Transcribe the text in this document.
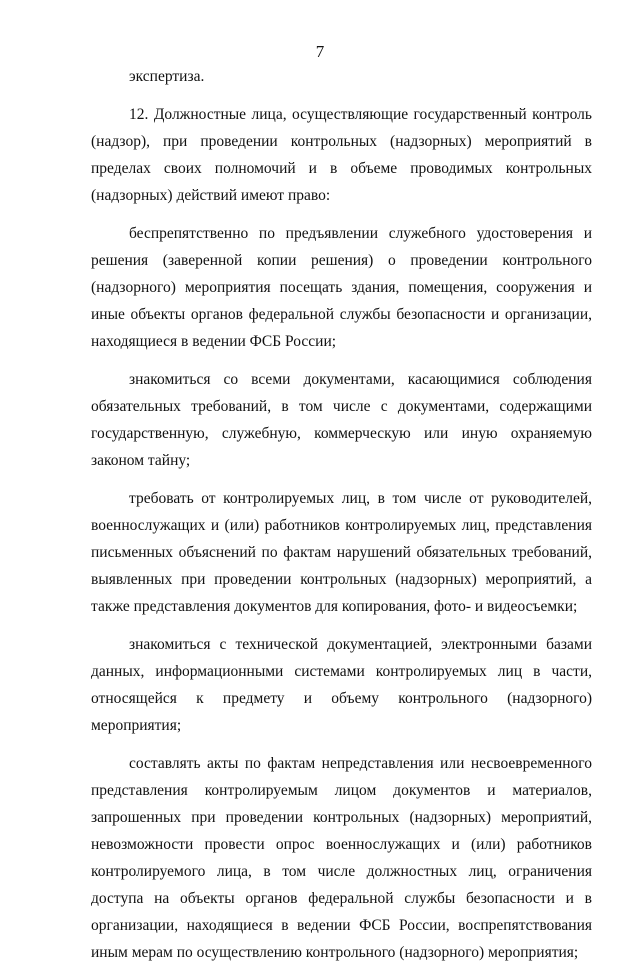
7

экспертиза.

12. Должностные лица, осуществляющие государственный контроль (надзор), при проведении контрольных (надзорных) мероприятий в пределах своих полномочий и в объеме проводимых контрольных (надзорных) действий имеют право:

беспрепятственно по предъявлении служебного удостоверения и решения (заверенной копии решения) о проведении контрольного (надзорного) мероприятия посещать здания, помещения, сооружения и иные объекты органов федеральной службы безопасности и организации, находящиеся в ведении ФСБ России;

знакомиться со всеми документами, касающимися соблюдения обязательных требований, в том числе с документами, содержащими государственную, служебную, коммерческую или иную охраняемую законом тайну;

требовать от контролируемых лиц, в том числе от руководителей, военнослужащих и (или) работников контролируемых лиц, представления письменных объяснений по фактам нарушений обязательных требований, выявленных при проведении контрольных (надзорных) мероприятий, а также представления документов для копирования, фото- и видеосъемки;

знакомиться с технической документацией, электронными базами данных, информационными системами контролируемых лиц в части, относящейся к предмету и объему контрольного (надзорного) мероприятия;

составлять акты по фактам непредставления или несвоевременного представления контролируемым лицом документов и материалов, запрошенных при проведении контрольных (надзорных) мероприятий, невозможности провести опрос военнослужащих и (или) работников контролируемого лица, в том числе должностных лиц, ограничения доступа на объекты органов федеральной службы безопасности и в организации, находящиеся в ведении ФСБ России, воспрепятствования иным мерам по осуществлению контрольного (надзорного) мероприятия;
